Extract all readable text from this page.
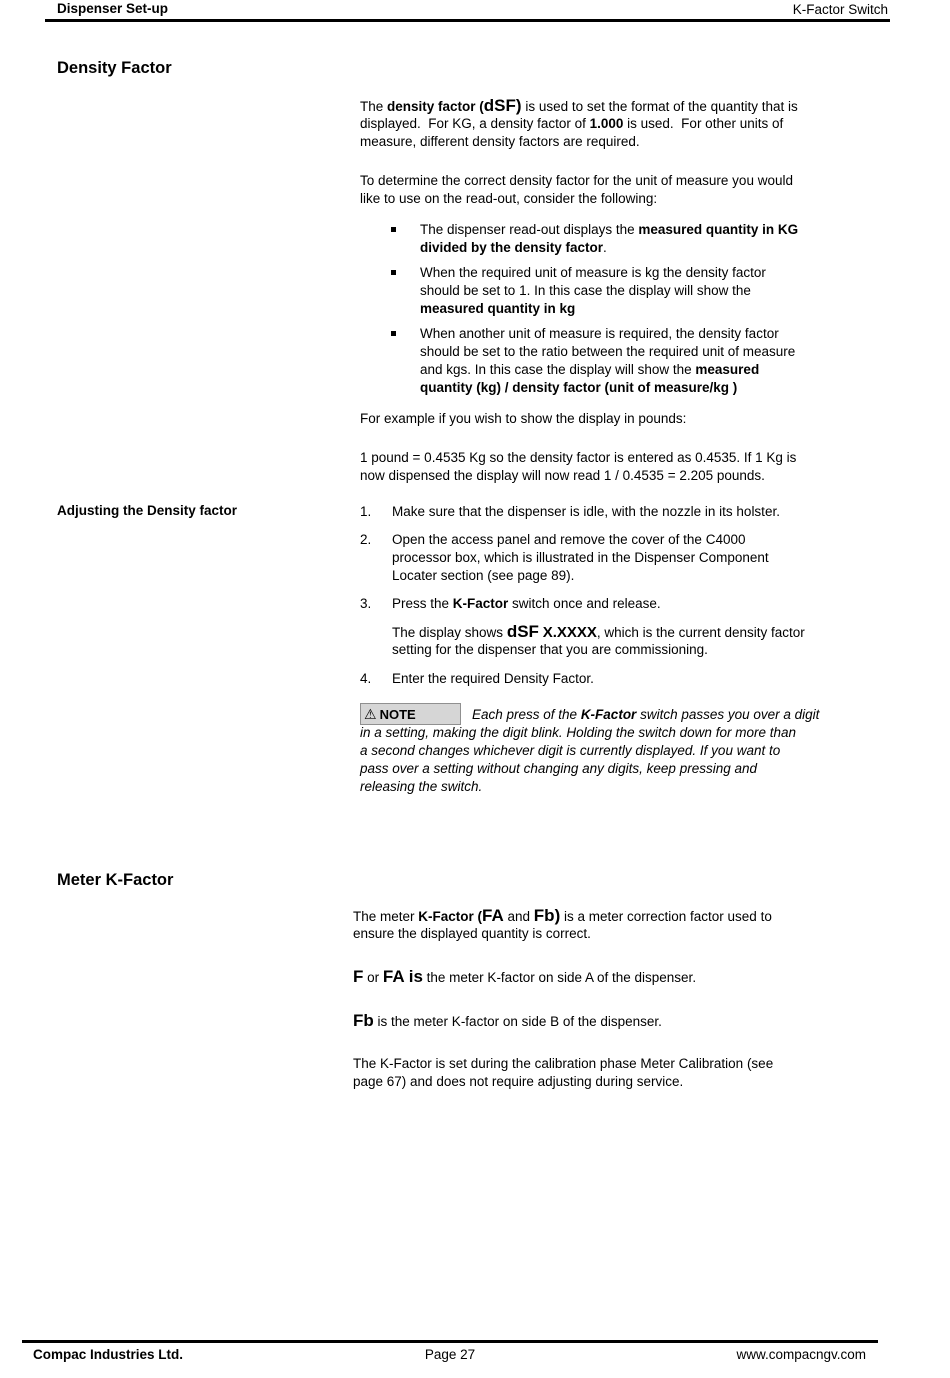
Dispenser Set-up	K-Factor Switch
Density Factor
The density factor (dSF) is used to set the format of the quantity that is
displayed.  For KG, a density factor of 1.000 is used.  For other units of
measure, different density factors are required.
To determine the correct density factor for the unit of measure you would
like to use on the read-out, consider the following:
The dispenser read-out displays the measured quantity in KG
divided by the density factor.
When the required unit of measure is kg the density factor
should be set to 1. In this case the display will show the
measured quantity in kg
When another unit of measure is required, the density factor
should be set to the ratio between the required unit of measure
and kgs. In this case the display will show the measured
quantity (kg) / density factor (unit of measure/kg )
For example if you wish to show the display in pounds:
1 pound = 0.4535 Kg so the density factor is entered as 0.4535. If 1 Kg is
now dispensed the display will now read 1 / 0.4535 = 2.205 pounds.
Adjusting the Density factor	1. Make sure that the dispenser is idle, with the nozzle in its holster.
2. Open the access panel and remove the cover of the C4000
processor box, which is illustrated in the Dispenser Component
Locater section (see page 89).
3. Press the K-Factor switch once and release.
The display shows dSF X.XXXX, which is the current density factor
setting for the dispenser that you are commissioning.
4. Enter the required Density Factor.
⚠ NOTE	Each press of the K-Factor switch passes you over a digit
in a setting, making the digit blink. Holding the switch down for more than
a second changes whichever digit is currently displayed. If you want to
pass over a setting without changing any digits, keep pressing and
releasing the switch.
Meter K-Factor
The meter K-Factor (FA and Fb) is a meter correction factor used to
ensure the displayed quantity is correct.
F or FA is the meter K-factor on side A of the dispenser.
Fb is the meter K-factor on side B of the dispenser.
The K-Factor is set during the calibration phase Meter Calibration (see
page 67) and does not require adjusting during service.
Compac Industries Ltd.	Page 27	www.compacngv.com
